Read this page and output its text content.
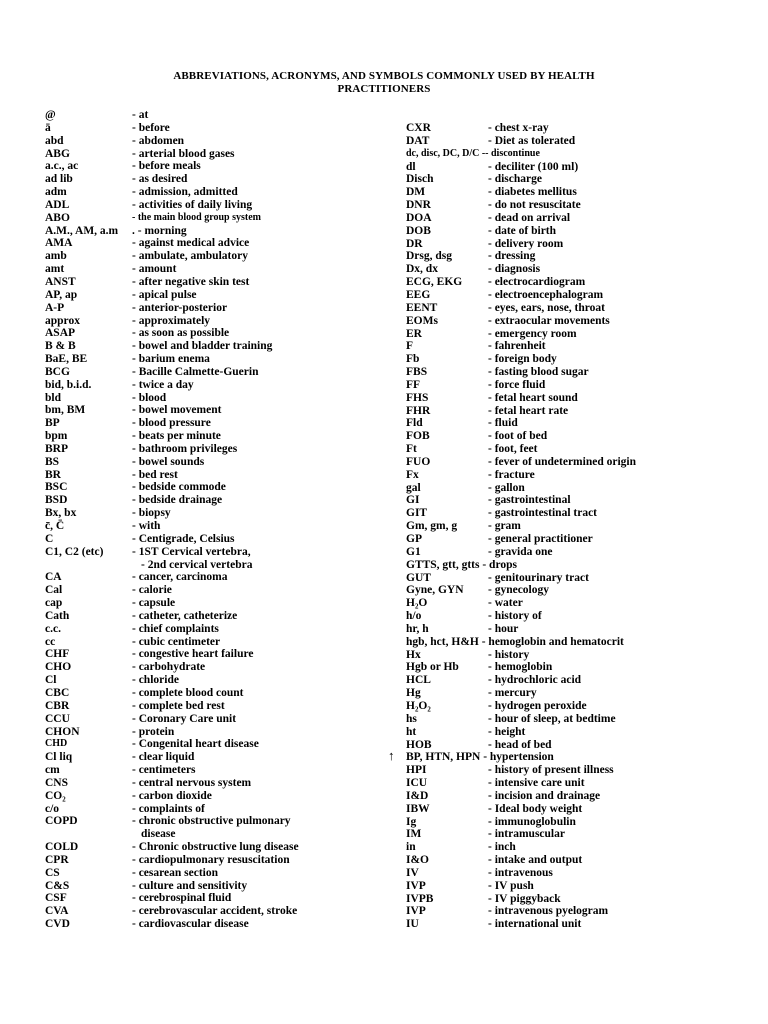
ABBREVIATIONS, ACRONYMS, AND SYMBOLS COMMONLY USED BY HEALTH
PRACTITIONERS
@	- at
ā	- before
abd	- abdomen
ABG	- arterial blood gases
a.c., ac	- before meals
ad lib	- as desired
adm	- admission, admitted
ADL	- activities of daily living
ABO	- the main blood group system
A.M., AM, a.m . - morning
AMA	- against medical advice
amb	- ambulate, ambulatory
amt	- amount
ANST	- after negative skin test
AP, ap	- apical pulse
A-P	- anterior-posterior
approx	- approximately
ASAP	- as soon as possible
B & B	- bowel and bladder training
BaE, BE	- barium enema
BCG	- Bacille Calmette-Guerin
bid, b.i.d.	- twice a day
bld	- blood
bm, BM	- bowel movement
BP	- blood pressure
bpm	- beats per minute
BRP	- bathroom privileges
BS	- bowel sounds
BR	- bed rest
BSC	- bedside commode
BSD	- bedside drainage
Bx, bx	- biopsy
c̄, C̄	- with
C	- Centigrade, Celsius
C1, C2 (etc) - 1ST Cervical vertebra,
- 2nd cervical vertebra
CA	- cancer, carcinoma
Cal	- calorie
cap	- capsule
Cath	- catheter, catheterize
c.c.	- chief complaints
cc	- cubic centimeter
CHF	- congestive heart failure
CHO	- carbohydrate
Cl	- chloride
CBC	- complete blood count
CBR	- complete bed rest
CCU	- Coronary Care unit
CHON	- protein
CHD	- Congenital heart disease
Cl liq	- clear liquid
cm	- centimeters
CNS	- central nervous system
CO₂	- carbon dioxide
c/o	- complaints of
COPD	- chronic obstructive pulmonary
disease
COLD	- Chronic obstructive lung disease
CPR	- cardiopulmonary resuscitation
CS	- cesarean section
C&S	- culture and sensitivity
CSF	- cerebrospinal fluid
CVA	- cerebrovascular accident, stroke
CVD	- cardiovascular disease
CXR	- chest x-ray
DAT	- Diet as tolerated
dc, disc, DC, D/C -- discontinue
dl	- deciliter (100 ml)
Disch	- discharge
DM	- diabetes mellitus
DNR	- do not resuscitate
DOA	- dead on arrival
DOB	- date of birth
DR	- delivery room
Drsg, dsg	- dressing
Dx, dx	- diagnosis
ECG, EKG - electrocardiogram
EEG	- electroencephalogram
EENT	- eyes, ears, nose, throat
EOMs	- extraocular movements
ER	- emergency room
F	- fahrenheit
Fb	- foreign body
FBS	- fasting blood sugar
FF	- force fluid
FHS	- fetal heart sound
FHR	- fetal heart rate
Fld	- fluid
FOB	- foot of bed
Ft	- foot, feet
FUO	- fever of undetermined origin
Fx	- fracture
gal	- gallon
GI	- gastrointestinal
GIT	- gastrointestinal tract
Gm, gm, g	- gram
GP	- general practitioner
G1	- gravida one
GTTS, gtt, gtts - drops
GUT	- genitourinary tract
Gyne, GYN - gynecology
H₂O	- water
h/o	- history of
hr, h	- hour
hgb, hct, H&H - hemoglobin and hematocrit
Hx	- history
Hgb or Hb	- hemoglobin
HCL	- hydrochloric acid
Hg	- mercury
H₂O₂	- hydrogen peroxide
hs	- hour of sleep, at bedtime
ht	- height
HOB	- head of bed
↑ BP, HTN, HPN - hypertension
HPI	- history of present illness
ICU	- intensive care unit
I&D	- incision and drainage
IBW	- Ideal body weight
Ig	- immunoglobulin
IM	- intramuscular
in	- inch
I&O	- intake and output
IV	- intravenous
IVP	- IV push
IVPB	- IV piggyback
IVP	- intravenous pyelogram
IU	- international unit
